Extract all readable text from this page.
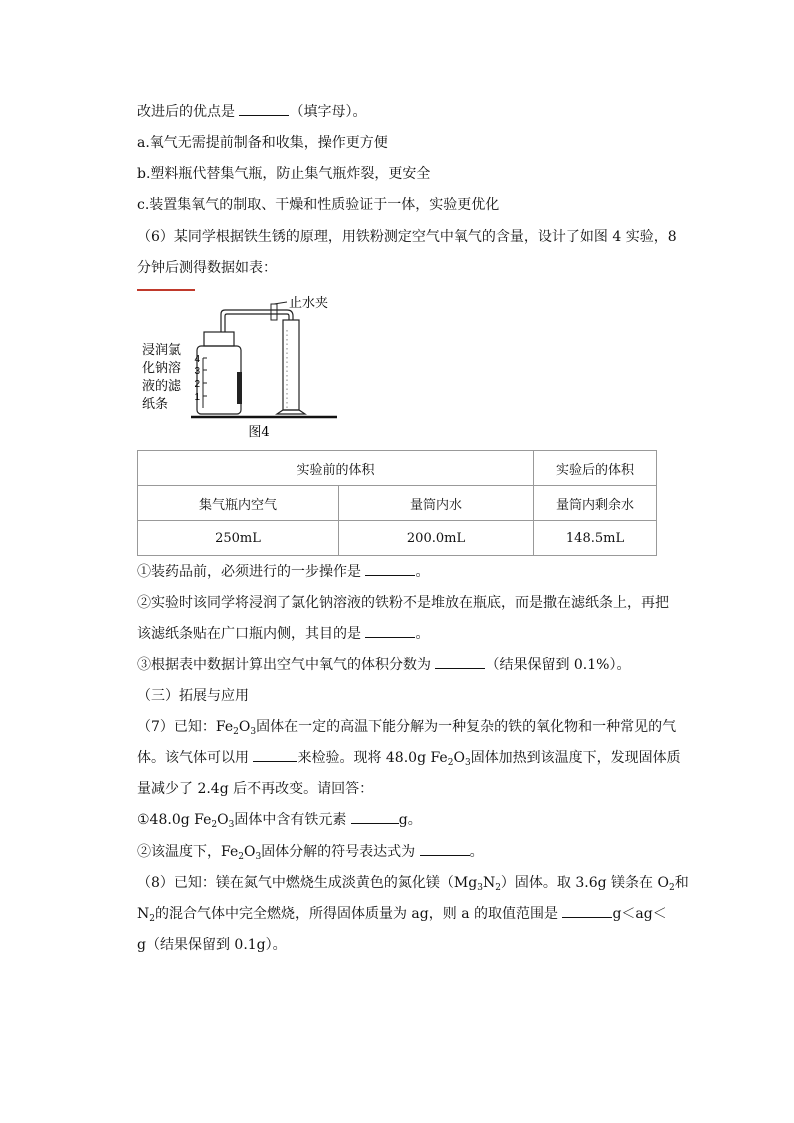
改进后的优点是	（填字母）。
a.氧气无需提前制备和收集，操作更方便
b.塑料瓶代替集气瓶，防止集气瓶炸裂，更安全
c.装置集氧气的制取、干燥和性质验证于一体，实验更优化
（6）某同学根据铁生锈的原理，用铁粉测定空气中氧气的含量，设计了如图 4 实验，8
分钟后测得数据如表：
4
3
2
1
浸润氯
化钠溶
液的滤
纸条
止水夹
图4
实验前的体积		实验后的体积
集气瓶内空气	量筒内水	量筒内剩余水
250mL	200.0mL	148.5mL
①装药品前，必须进行的一步操作是	。
②实验时该同学将浸润了氯化钠溶液的铁粉不是堆放在瓶底，而是撒在滤纸条上，再把
该滤纸条贴在广口瓶内侧，其目的是	。
③根据表中数据计算出空气中氧气的体积分数为	（结果保留到 0.1%）。
（三）拓展与应用
（7）已知：$Fe_2O_3$固体在一定的高温下能分解为一种复杂的铁的氧化物和一种常见的气
体。该气体可以用	来检验。现将 48.0g $Fe_2O_3$固体加热到该温度下，发现固体质
量减少了 2.4g 后不再改变。请回答：
①48.0g $Fe_2O_3$固体中含有铁元素	g。
②该温度下，$Fe_2O_3$固体分解的符号表达式为	。
（8）已知：镁在氮气中燃烧生成淡黄色的氮化镁$(Mg_3N_2)$固体。取 3.6g 镁条在 $O_2$和
$N_2$的混合气体中完全燃烧，所得固体质量为 ag，则 a 的取值范围是	g＜ag＜
g（结果保留到 0.1g）。
